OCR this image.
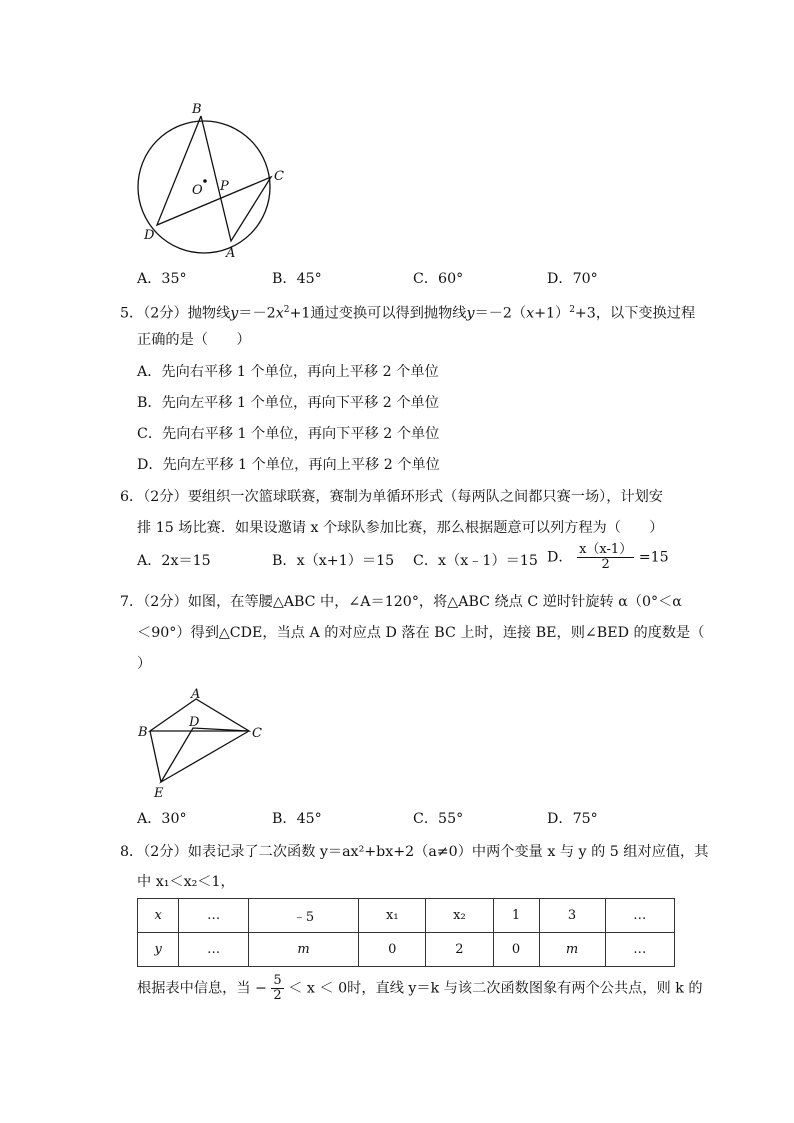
B
O P
C
D
A
A．35°	B．45°	C．60°	D．70°
5．（2分）抛物线$y=-2x^2+1$通过变换可以得到抛物线$y=-2(x+1)^2+3$，以下变换过程
正确的是（　　）
A．先向右平移 1 个单位，再向上平移 2 个单位
B．先向左平移 1 个单位，再向下平移 2 个单位
C．先向右平移 1 个单位，再向下平移 2 个单位
D．先向左平移 1 个单位，再向上平移 2 个单位
6．（2分）要组织一次篮球联赛，赛制为单循环形式（每两队之间都只赛一场），计划安
排 15 场比赛．如果设邀请 x 个球队参加比赛，那么根据题意可以列方程为（　　）
A．2x＝15	B．x（x+1）＝15 C．x（x﹣1）＝15 D． $\frac{x(x-1)}{2} =15$
7．（2分）如图，在等腰△ABC 中，∠A＝120°，将△ABC 绕点 C 逆时针旋转 α（0°＜α
＜90°）得到△CDE，当点 A 的对应点 D 落在 BC 上时，连接 BE，则∠BED 的度数是（
）
A
D
B	C
E
A．30°	B．45°	C．55°	D．75°
8．（2分）如表记录了二次函数 y＝ax²+bx+2（a≠0）中两个变量 x 与 y 的 5 组对应值，其
中 x₁＜x₂＜1，
x	…	﹣5	x₁	x₂	1	3	…
y	…	m	0	2	0	m	…
根据表中信息，当 − $\frac{5}{2} < x < 0$时，直线 y＝k 与该二次函数图象有两个公共点，则 k 的
